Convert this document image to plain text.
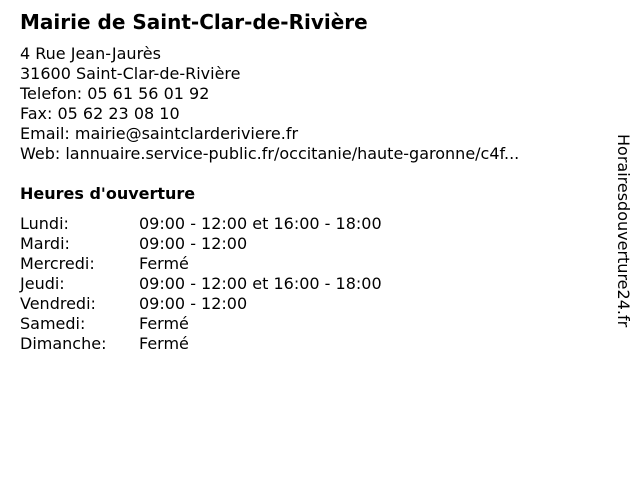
Mairie de Saint-Clar-de-Rivière
4 Rue Jean-Jaurès
31600 Saint-Clar-de-Rivière
Telefon: 05 61 56 01 92
Fax: 05 62 23 08 10
Email: mairie@saintclarderiviere.fr
Web: lannuaire.service-public.fr/occitanie/haute-garonne/c4f...
Heures d'ouverture
Lundi:	09:00 - 12:00 et 16:00 - 18:00
Mardi:	09:00 - 12:00
Mercredi:	Fermé
Jeudi:	09:00 - 12:00 et 16:00 - 18:00
Vendredi:	09:00 - 12:00
Samedi:	Fermé
Dimanche: Fermé
Horairesdouverture24.fr
